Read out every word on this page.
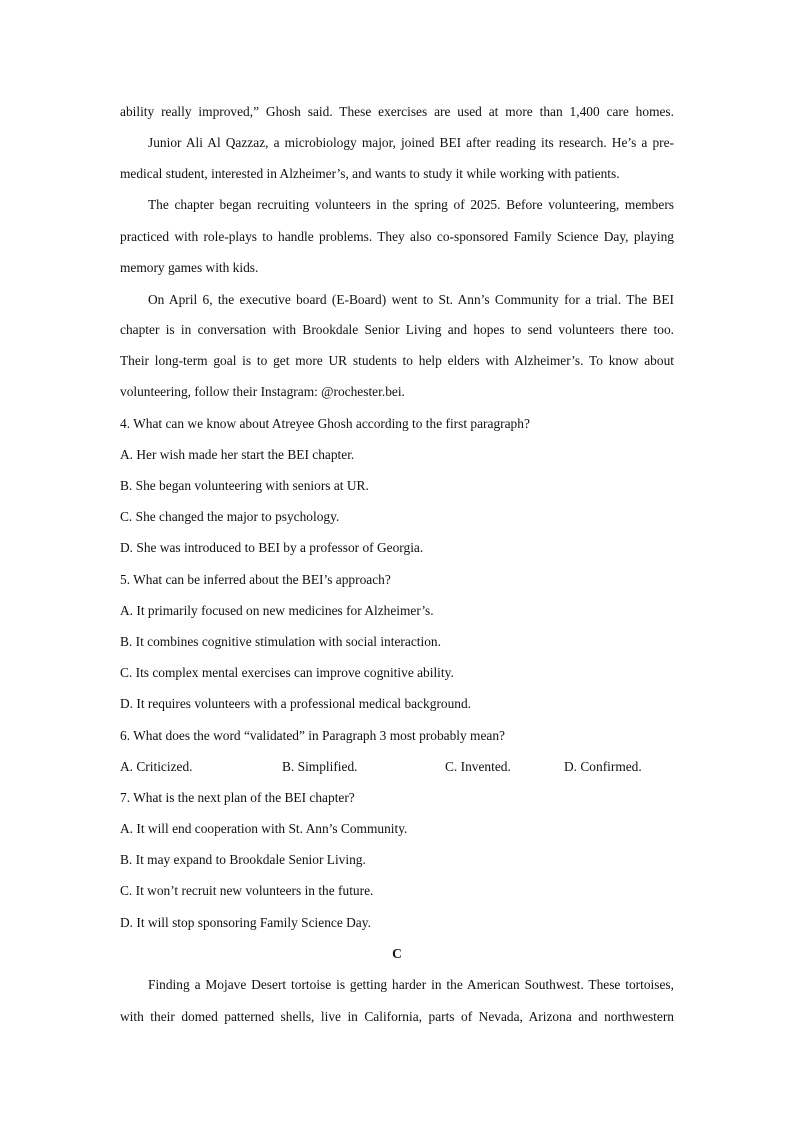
ability really improved,” Ghosh said. These exercises are used at more than 1,400 care homes.
Junior Ali Al Qazzaz, a microbiology major, joined BEI after reading its research. He’s a pre-
medical student, interested in Alzheimer’s, and wants to study it while working with patients.
The chapter began recruiting volunteers in the spring of 2025. Before volunteering, members
practiced with role-plays to handle problems. They also co-sponsored Family Science Day, playing
memory games with kids.
On April 6, the executive board (E-Board) went to St. Ann’s Community for a trial. The BEI
chapter is in conversation with Brookdale Senior Living and hopes to send volunteers there too.
Their long-term goal is to get more UR students to help elders with Alzheimer’s. To know about
volunteering, follow their Instagram: @rochester.bei.
4. What can we know about Atreyee Ghosh according to the first paragraph?
A. Her wish made her start the BEI chapter.
B. She began volunteering with seniors at UR.
C. She changed the major to psychology.
D. She was introduced to BEI by a professor of Georgia.
5. What can be inferred about the BEI’s approach?
A. It primarily focused on new medicines for Alzheimer’s.
B. It combines cognitive stimulation with social interaction.
C. Its complex mental exercises can improve cognitive ability.
D. It requires volunteers with a professional medical background.
6. What does the word “validated” in Paragraph 3 most probably mean?
A. Criticized.	B. Simplified.	C. Invented.	D. Confirmed.
7. What is the next plan of the BEI chapter?
A. It will end cooperation with St. Ann’s Community.
B. It may expand to Brookdale Senior Living.
C. It won’t recruit new volunteers in the future.
D. It will stop sponsoring Family Science Day.
C
Finding a Mojave Desert tortoise is getting harder in the American Southwest. These tortoises,
with their domed patterned shells, live in California, parts of Nevada, Arizona and northwestern
